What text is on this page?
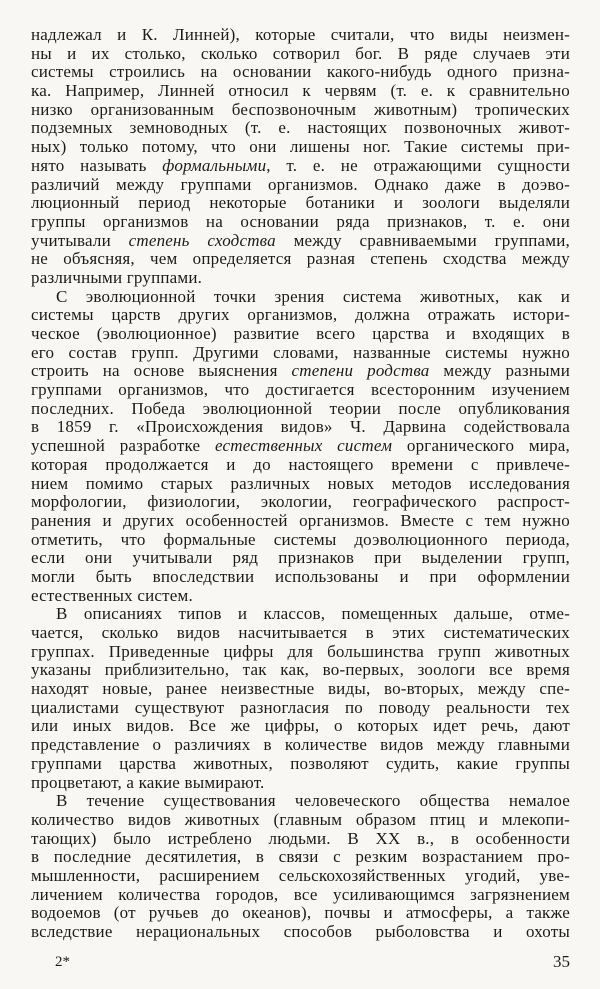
надлежал и К. Линней), которые считали, что виды неизмен-
ны и их столько, сколько сотворил бог. В ряде случаев эти
системы строились на основании какого-нибудь одного призна-
ка. Например, Линней относил к червям (т. е. к сравнительно
низко организованным беспозвоночным животным) тропических
подземных земноводных (т. е. настоящих позвоночных живот-
ных) только потому, что они лишены ног. Такие системы при-
нято называть формальными, т. е. не отражающими сущности
различий между группами организмов. Однако даже в доэво-
люционный период некоторые ботаники и зоологи выделяли
группы организмов на основании ряда признаков, т. е. они
учитывали степень сходства между сравниваемыми группами,
не объясняя, чем определяется разная степень сходства между
различными группами.
С эволюционной точки зрения система животных, как и
системы царств других организмов, должна отражать истори-
ческое (эволюционное) развитие всего царства и входящих в
его состав групп. Другими словами, названные системы нужно
строить на основе выяснения степени родства между разными
группами организмов, что достигается всесторонним изучением
последних. Победа эволюционной теории после опубликования
в 1859 г. «Происхождения видов» Ч. Дарвина содействовала
успешной разработке естественных систем органического мира,
которая продолжается и до настоящего времени с привлече-
нием помимо старых различных новых методов исследования
морфологии, физиологии, экологии, географического распрост-
ранения и других особенностей организмов. Вместе с тем нужно
отметить, что формальные системы доэволюционного периода,
если они учитывали ряд признаков при выделении групп,
могли быть впоследствии использованы и при оформлении
естественных систем.
В описаниях типов и классов, помещенных дальше, отме-
чается, сколько видов насчитывается в этих систематических
группах. Приведенные цифры для большинства групп животных
указаны приблизительно, так как, во-первых, зоологи все время
находят новые, ранее неизвестные виды, во-вторых, между спе-
циалистами существуют разногласия по поводу реальности тех
или иных видов. Все же цифры, о которых идет речь, дают
представление о различиях в количестве видов между главными
группами царства животных, позволяют судить, какие группы
процветают, а какие вымирают.
В течение существования человеческого общества немалое
количество видов животных (главным образом птиц и млекопи-
тающих) было истреблено людьми. В XX в., в особенности
в последние десятилетия, в связи с резким возрастанием про-
мышленности, расширением сельскохозяйственных угодий, уве-
личением количества городов, все усиливающимся загрязнением
водоемов (от ручьев до океанов), почвы и атмосферы, а также
вследствие нерациональных способов рыболовства и охоты
2*	35
